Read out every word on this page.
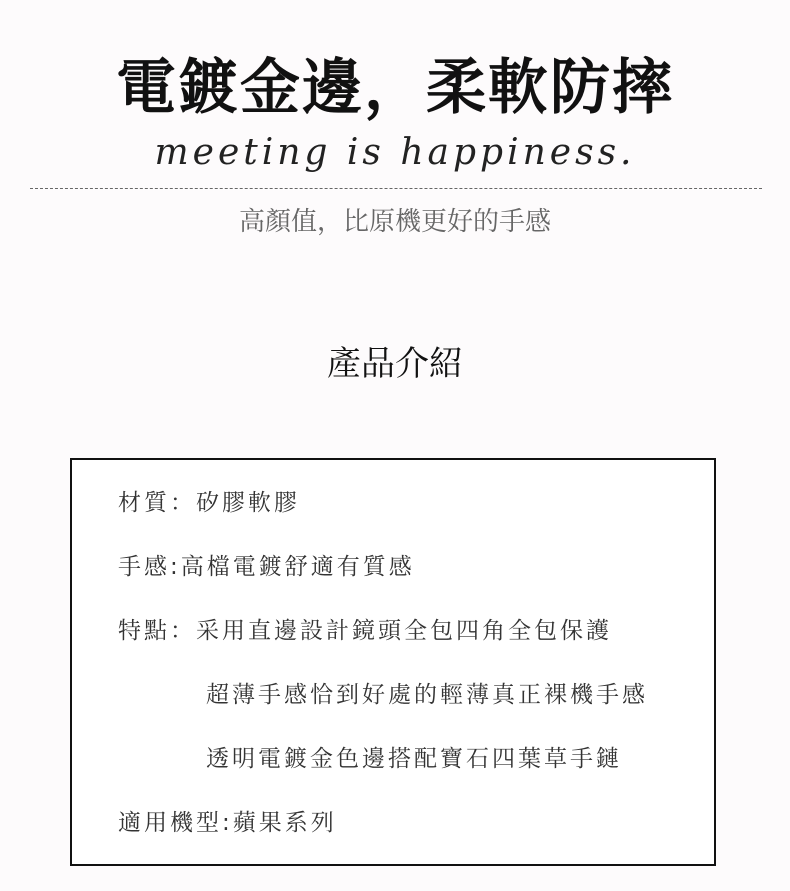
電鍍金邊，柔軟防摔
meeting is happiness.
高顏值，比原機更好的手感
產品介紹
材質：矽膠軟膠
手感:高檔電鍍舒適有質感
特點：采用直邊設計鏡頭全包四角全包保護
超薄手感恰到好處的輕薄真正裸機手感
透明電鍍金色邊搭配寶石四葉草手鏈
適用機型:蘋果系列
